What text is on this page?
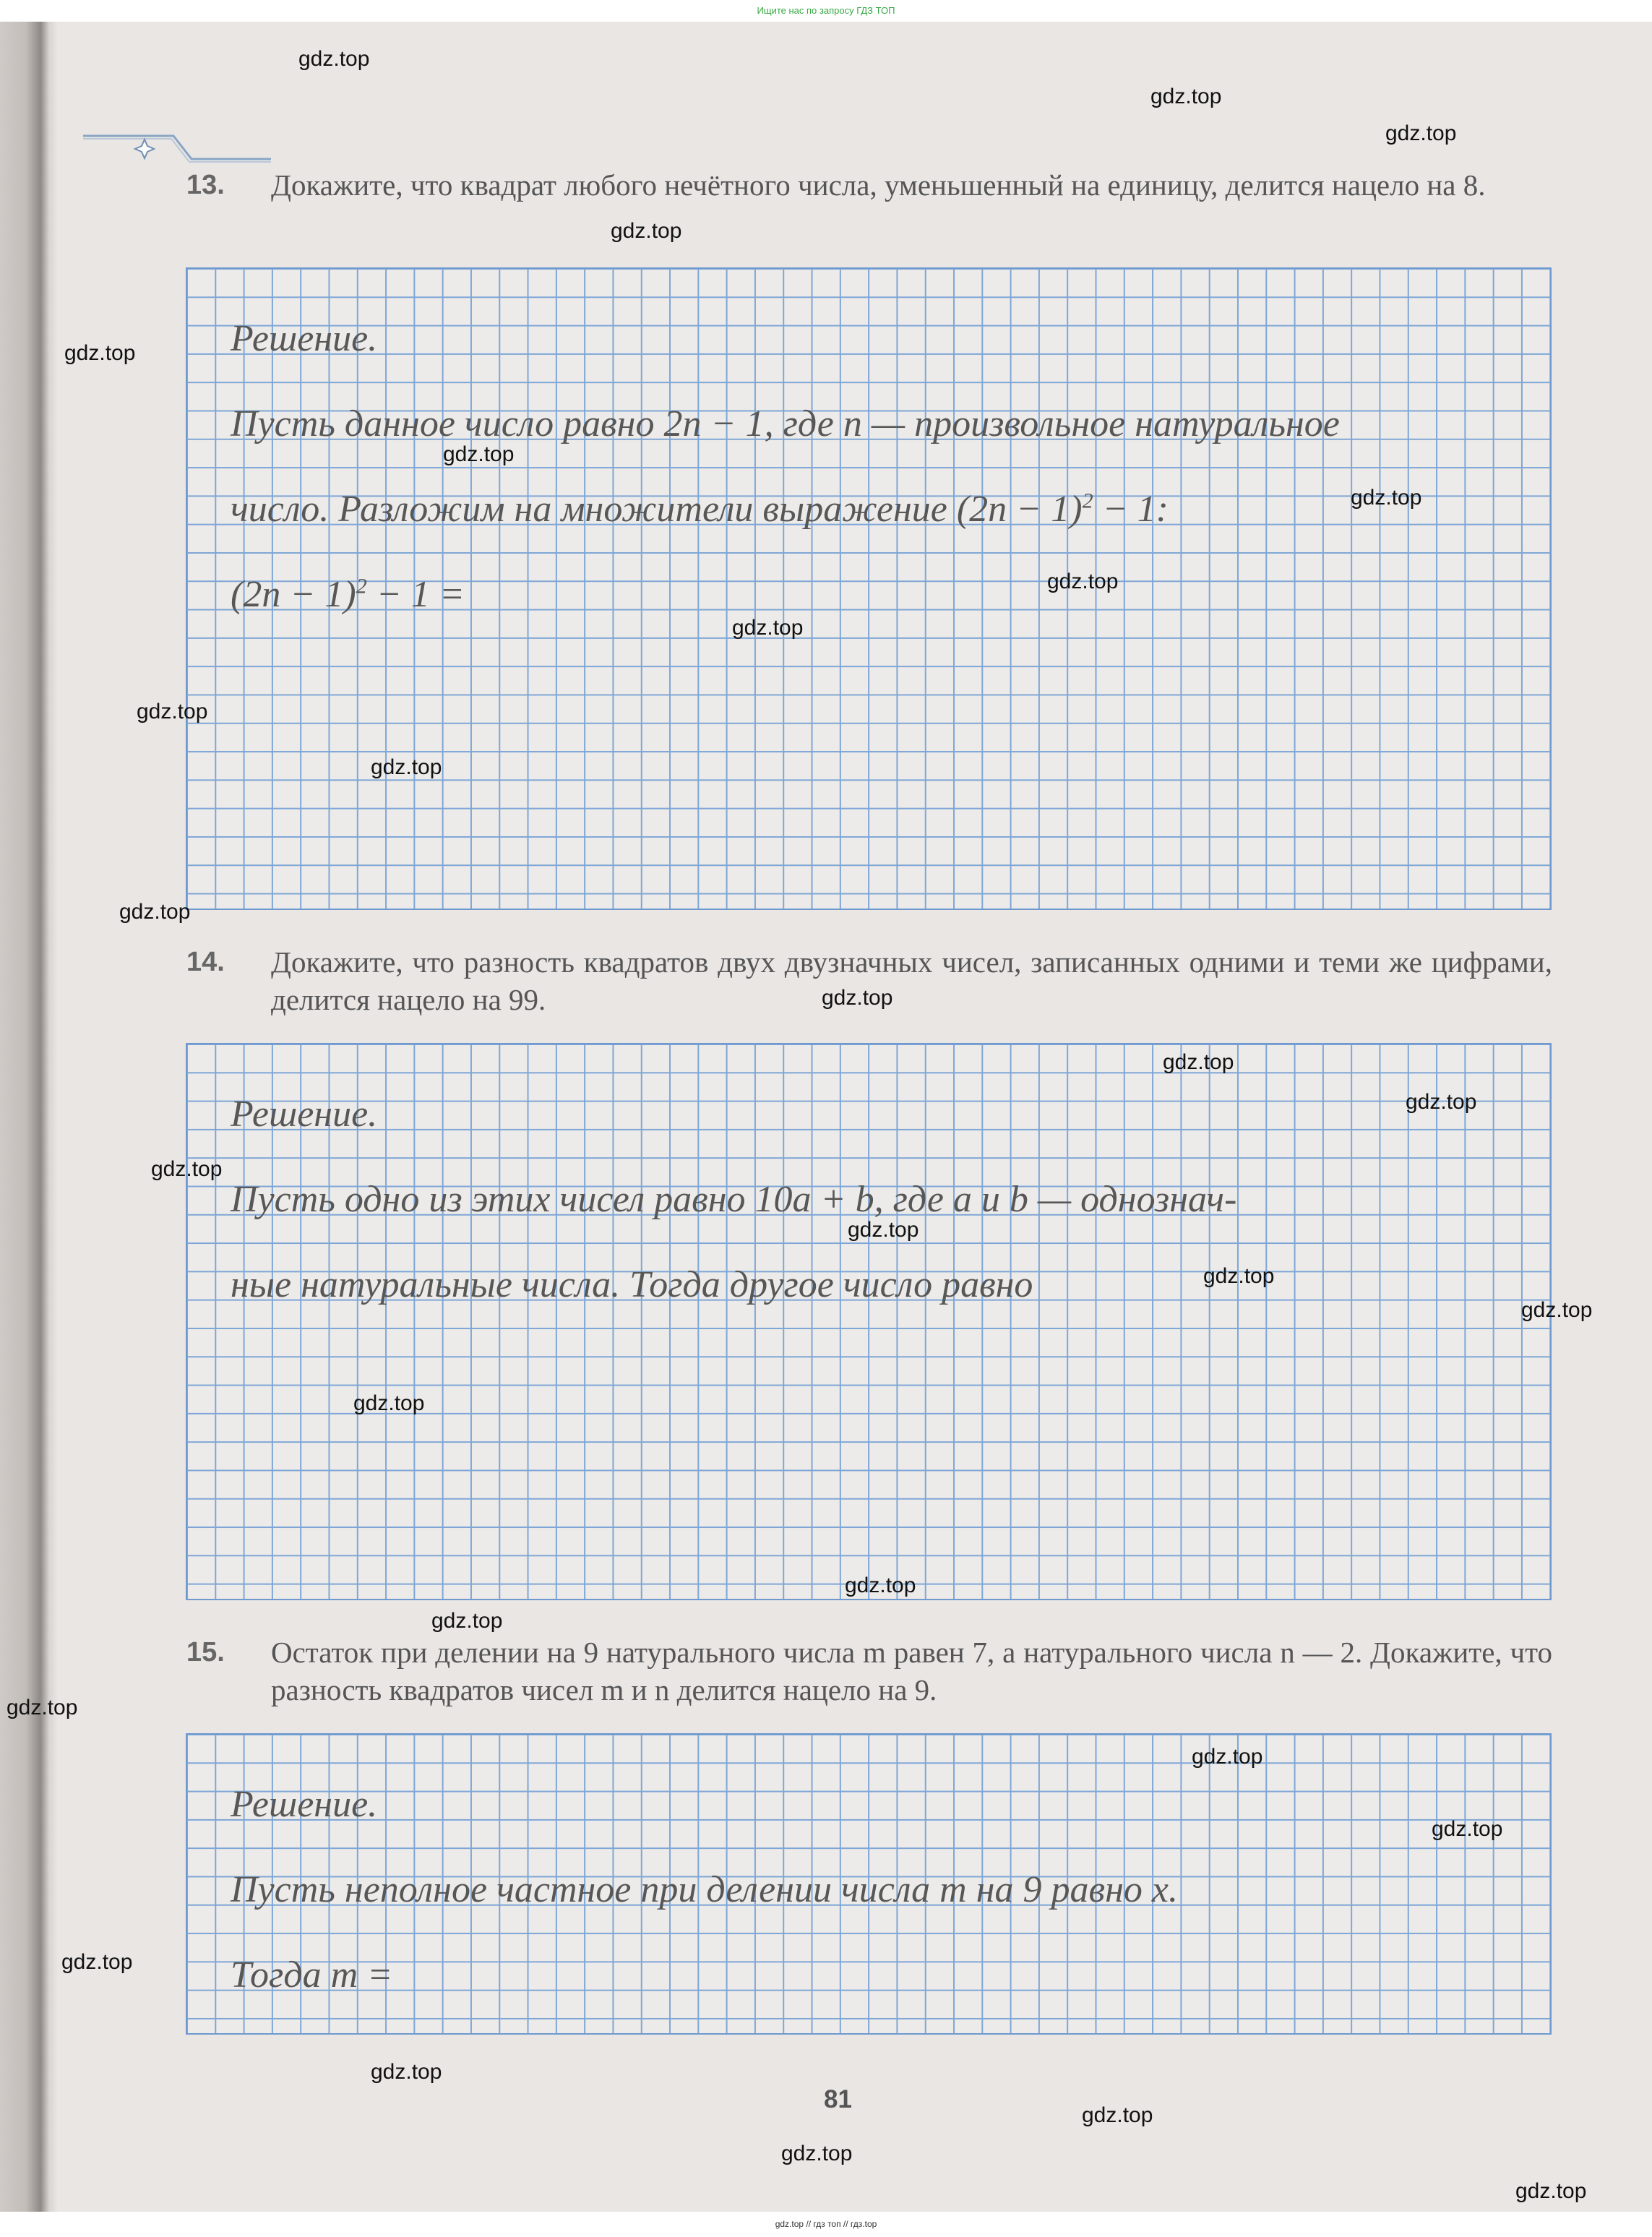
Ищите нас по запросу ГДЗ ТОП
13. Докажите, что квадрат любого нечётного числа, уменьшенный на единицу, делится нацело на 8.
Решение.
Пусть данное число равно 2n − 1, где n — произвольное натуральное
число. Разложим на множители выражение $(2n - 1)^2 - 1$:
$(2n - 1)^2 - 1$ =
14. Докажите, что разность квадратов двух двузначных чисел, записанных одними и теми же цифрами, делится нацело на 99.
Решение.
Пусть одно из этих чисел равно 10a + b, где a и b — однознач-
ные натуральные числа. Тогда другое число равно
15. Остаток при делении на 9 натурального числа m равен 7, а натурального числа n — 2. Докажите, что разность квадратов чисел m и n делится нацело на 9.
Решение.
Пусть неполное частное при делении числа m на 9 равно x.
Тогда m =
81
gdz.top
gdz.top
gdz.top
gdz.top
gdz.top
gdz.top
gdz.top
gdz.top
gdz.top
gdz.top
gdz.top
gdz.top
gdz.top
gdz.top
gdz.top
gdz.top
gdz.top
gdz.top
gdz.top
gdz.top
gdz.top
gdz.top
gdz.top
gdz.top
gdz.top
gdz.top
gdz.top
gdz.top
gdz.top
gdz.top
gdz.top // гдз топ // гдз.top
